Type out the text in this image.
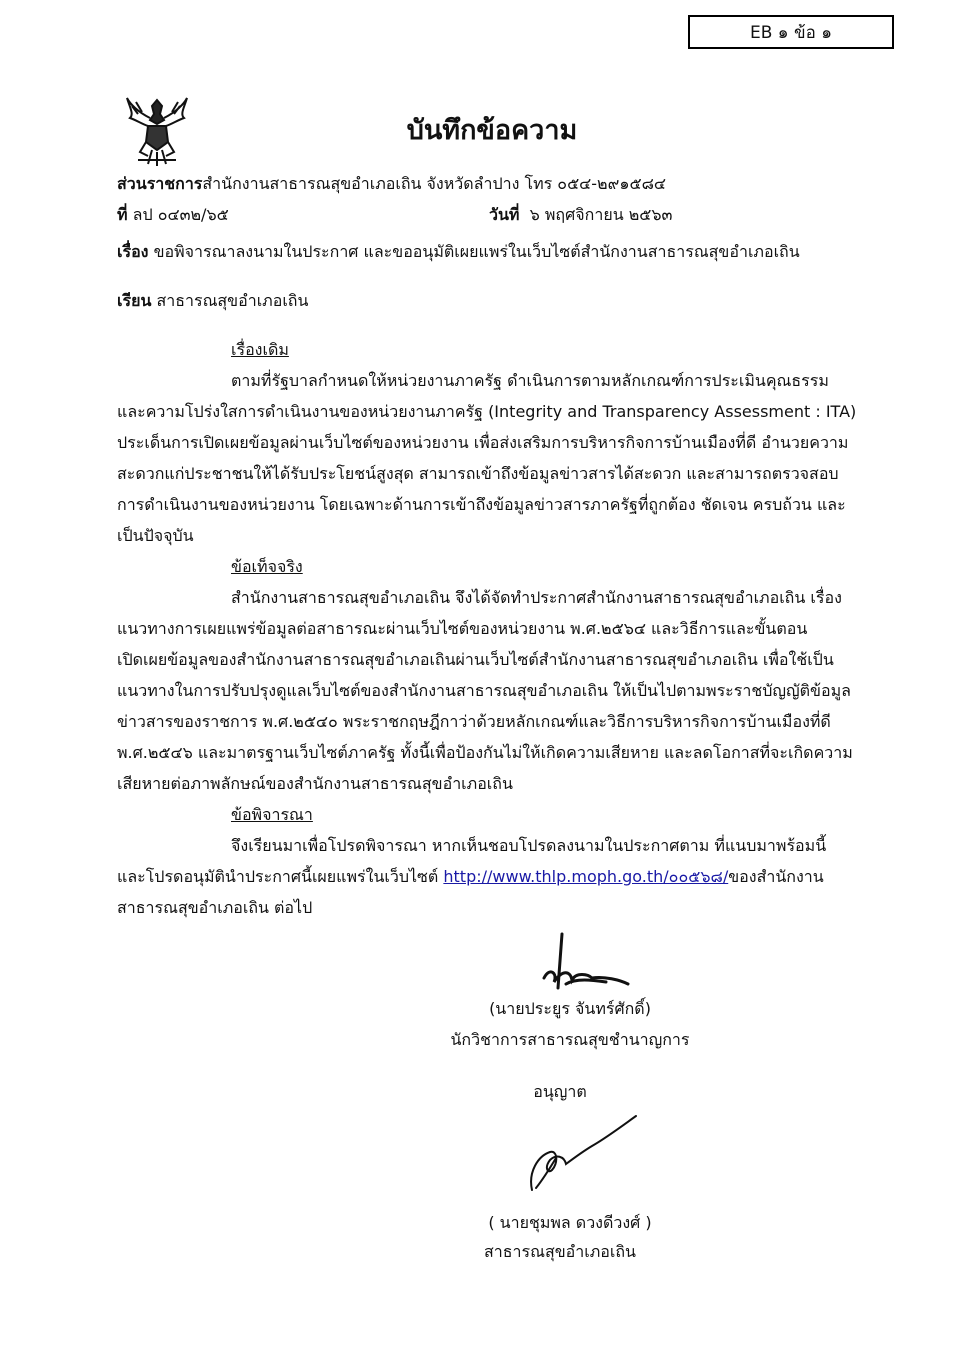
EB ๑ ข้อ ๑
บันทึกข้อความ
ส่วนราชการสำนักงานสาธารณสุขอำเภอเถิน จังหวัดลำปาง โทร ๐๕๔-๒๙๑๕๘๔
ที่ ลป ๐๔๓๒/๖๕	วันที่ ๖ พฤศจิกายน ๒๕๖๓
เรื่อง ขอพิจารณาลงนามในประกาศ และขออนุมัติเผยแพร่ในเว็บไซต์สำนักงานสาธารณสุขอำเภอเถิน
เรียน สาธารณสุขอำเภอเถิน
เรื่องเดิม
ตามที่รัฐบาลกำหนดให้หน่วยงานภาครัฐ ดำเนินการตามหลักเกณฑ์การประเมินคุณธรรม
และความโปร่งใสการดำเนินงานของหน่วยงานภาครัฐ (Integrity and Transparency Assessment : ITA)
ประเด็นการเปิดเผยข้อมูลผ่านเว็บไซต์ของหน่วยงาน เพื่อส่งเสริมการบริหารกิจการบ้านเมืองที่ดี อำนวยความ
สะดวกแก่ประชาชนให้ได้รับประโยชน์สูงสุด สามารถเข้าถึงข้อมูลข่าวสารได้สะดวก และสามารถตรวจสอบ
การดำเนินงานของหน่วยงาน โดยเฉพาะด้านการเข้าถึงข้อมูลข่าวสารภาครัฐที่ถูกต้อง ชัดเจน ครบถ้วน และ
เป็นปัจจุบัน
ข้อเท็จจริง
สำนักงานสาธารณสุขอำเภอเถิน จึงได้จัดทำประกาศสำนักงานสาธารณสุขอำเภอเถิน เรื่อง
แนวทางการเผยแพร่ข้อมูลต่อสาธารณะผ่านเว็บไซต์ของหน่วยงาน พ.ศ.๒๕๖๔ และวิธีการและขั้นตอน
เปิดเผยข้อมูลของสำนักงานสาธารณสุขอำเภอเถินผ่านเว็บไซต์สำนักงานสาธารณสุขอำเภอเถิน เพื่อใช้เป็น
แนวทางในการปรับปรุงดูแลเว็บไซต์ของสำนักงานสาธารณสุขอำเภอเถิน ให้เป็นไปตามพระราชบัญญัติข้อมูล
ข่าวสารของราชการ พ.ศ.๒๕๔๐ พระราชกฤษฎีกาว่าด้วยหลักเกณฑ์และวิธีการบริหารกิจการบ้านเมืองที่ดี
พ.ศ.๒๕๔๖ และมาตรฐานเว็บไซต์ภาครัฐ ทั้งนี้เพื่อป้องกันไม่ให้เกิดความเสียหาย และลดโอกาสที่จะเกิดความ
เสียหายต่อภาพลักษณ์ของสำนักงานสาธารณสุขอำเภอเถิน
ข้อพิจารณา
จึงเรียนมาเพื่อโปรดพิจารณา หากเห็นชอบโปรดลงนามในประกาศตาม ที่แนบมาพร้อมนี้
และโปรดอนุมัตินำประกาศนี้เผยแพร่ในเว็บไซต์ http://www.thlp.moph.go.th/๐๐๕๖๘/ของสำนักงาน
สาธารณสุขอำเภอเถิน ต่อไป
(นายประยูร จันทร์ศักดิ์)
นักวิชาการสาธารณสุขชำนาญการ
อนุญาต
( นายชุมพล ดวงดีวงศ์ )
สาธารณสุขอำเภอเถิน
